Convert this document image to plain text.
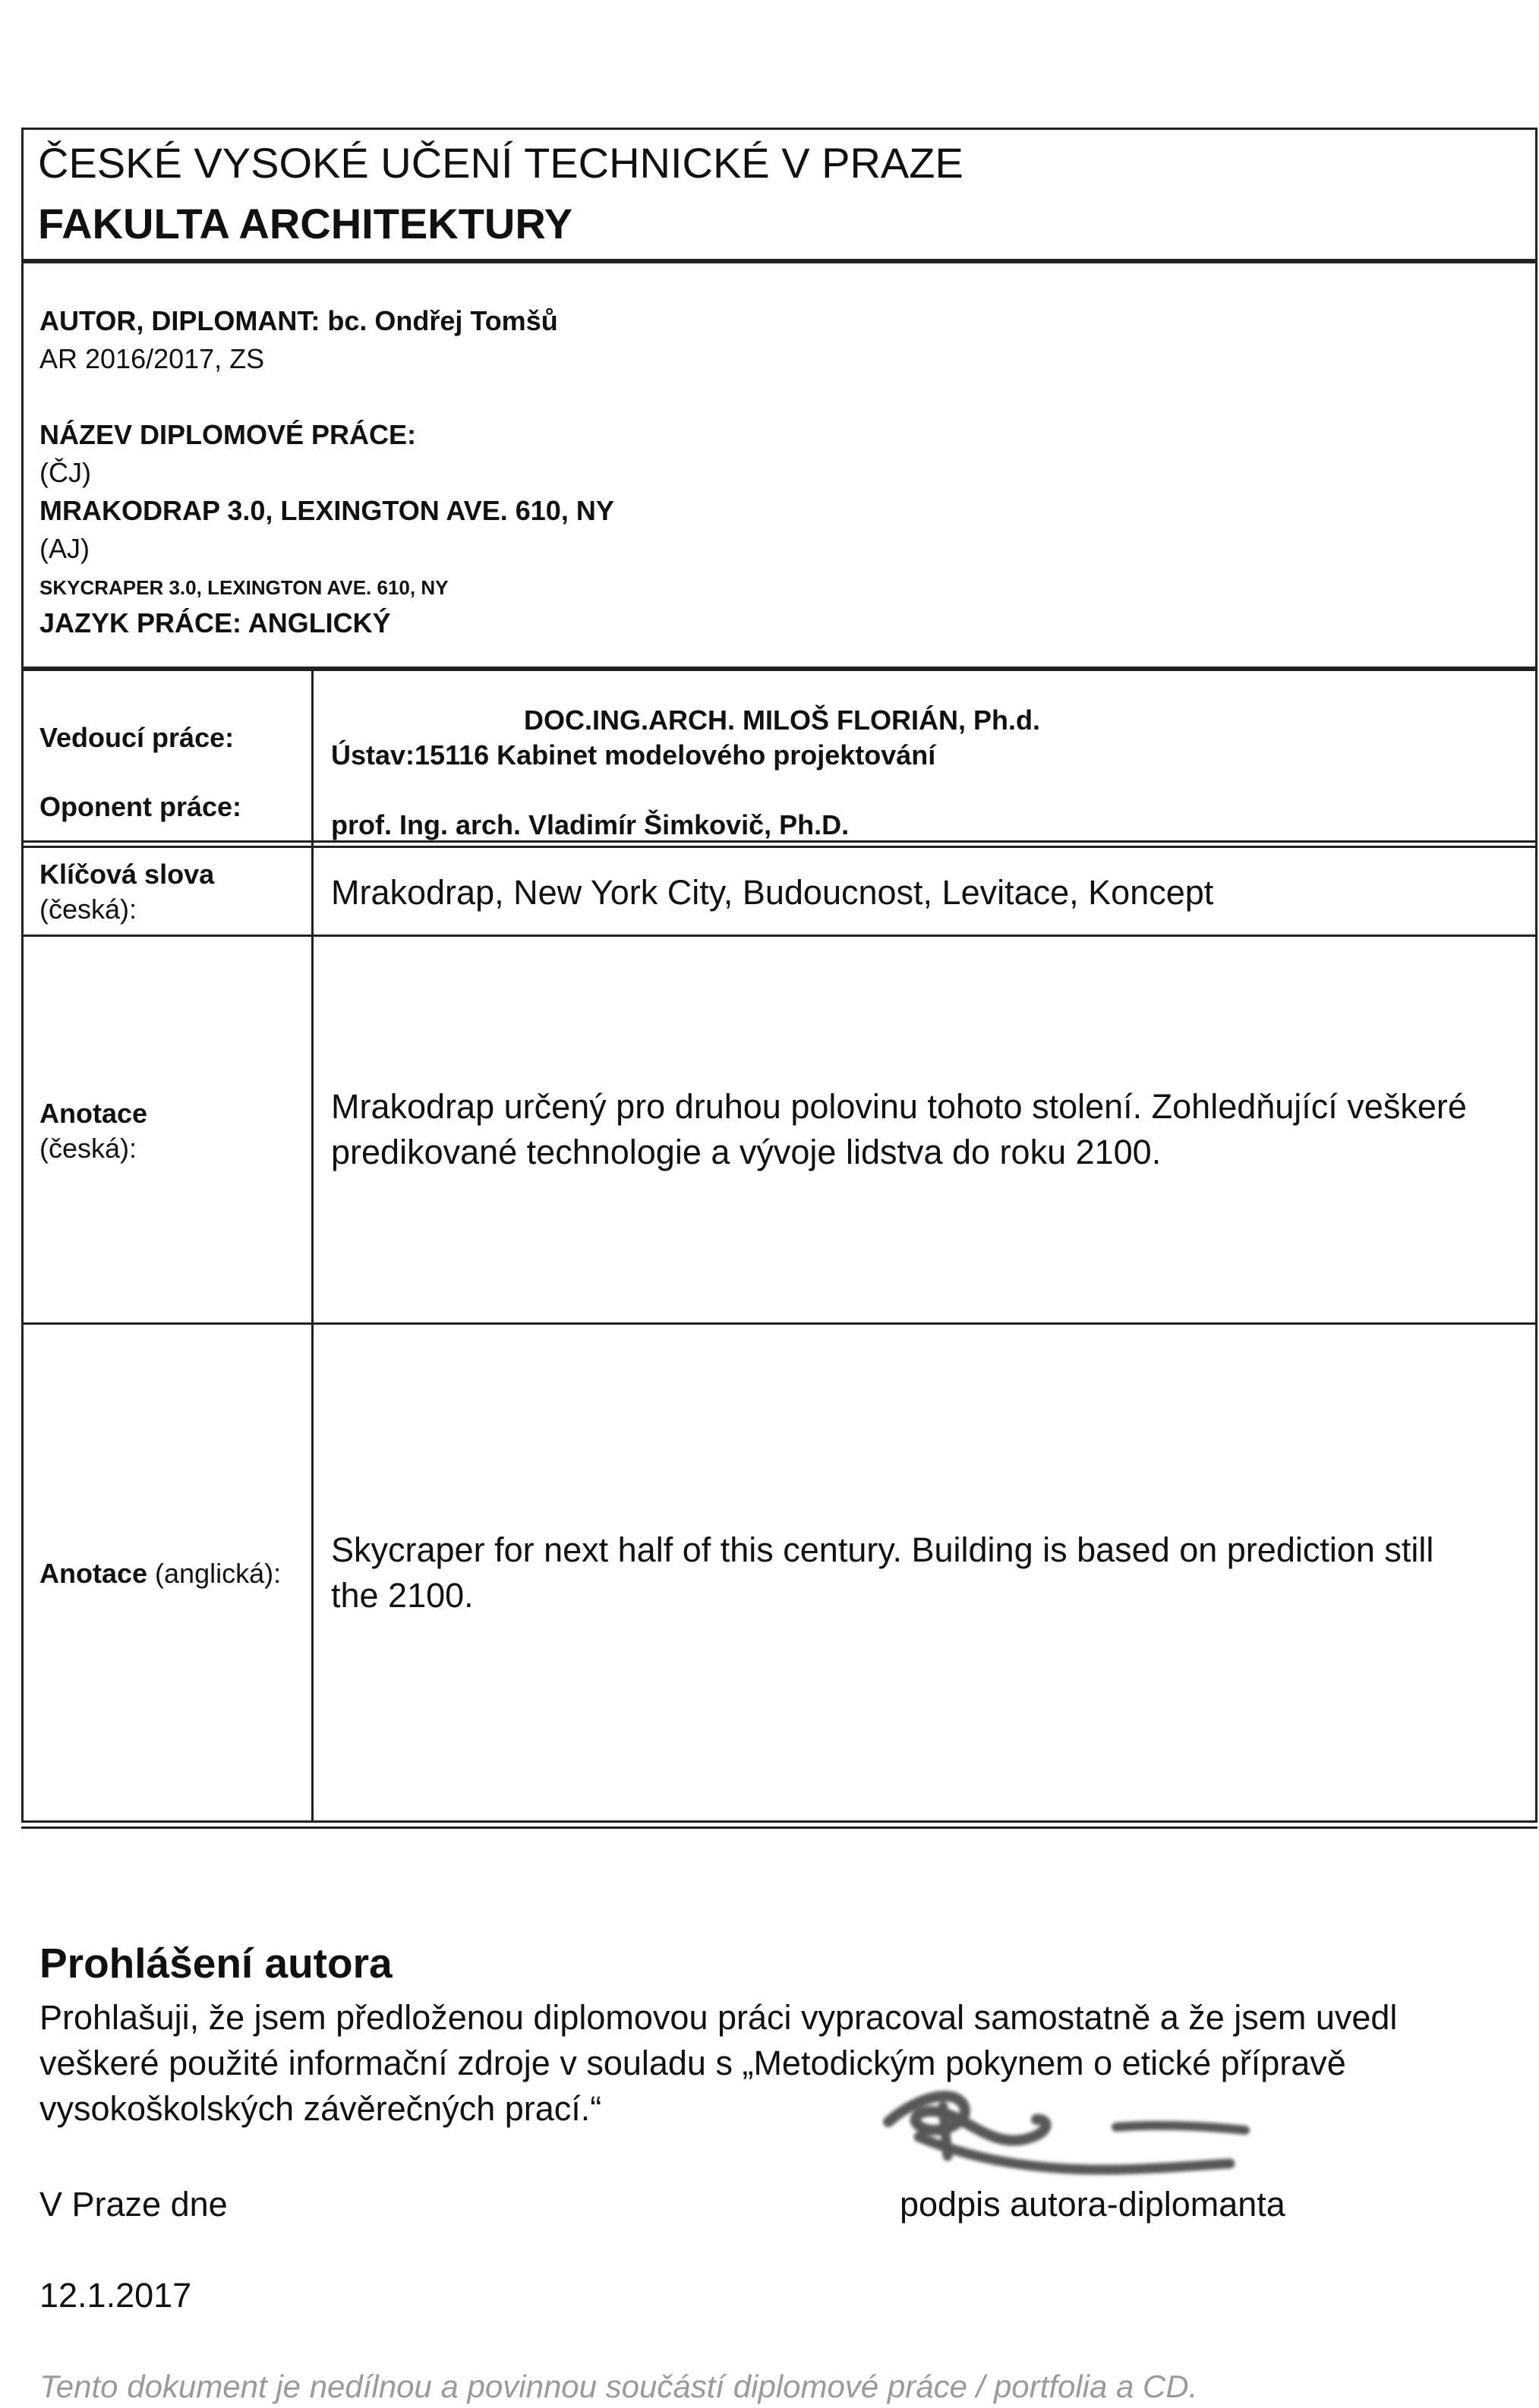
ČESKÉ VYSOKÉ UČENÍ TECHNICKÉ V PRAZE
FAKULTA ARCHITEKTURY
AUTOR, DIPLOMANT: bc. Ondřej Tomšů
AR 2016/2017, ZS
NÁZEV DIPLOMOVÉ PRÁCE:
(ČJ)
MRAKODRAP 3.0, LEXINGTON AVE. 610, NY
(AJ)
SKYCRAPER 3.0, LEXINGTON AVE. 610, NY
JAZYK PRÁCE: ANGLICKÝ
Vedoucí práce:
Oponent práce:
DOC.ING.ARCH. MILOŠ FLORIÁN, Ph.d.
Ústav:15116 Kabinet modelového projektování
prof. Ing. arch. Vladimír Šimkovič, Ph.D.
Klíčová slova
(česká):	Mrakodrap, New York City, Budoucnost, Levitace, Koncept
Anotace
(česká):
Mrakodrap určený pro druhou polovinu tohoto stolení. Zohledňující veškeré
predikované technologie a vývoje lidstva do roku 2100.
Anotace (anglická):
Skycraper for next half of this century. Building is based on prediction still
the 2100.
Prohlášení autora
Prohlašuji, že jsem předloženou diplomovou práci vypracoval samostatně a že jsem uvedl
veškeré použité informační zdroje v souladu s „Metodickým pokynem o etické přípravě
vysokoškolských závěrečných prací.“
V Praze dne	podpis autora-diplomanta
12.1.2017
Tento dokument je nedílnou a povinnou součástí diplomové práce / portfolia a CD.
